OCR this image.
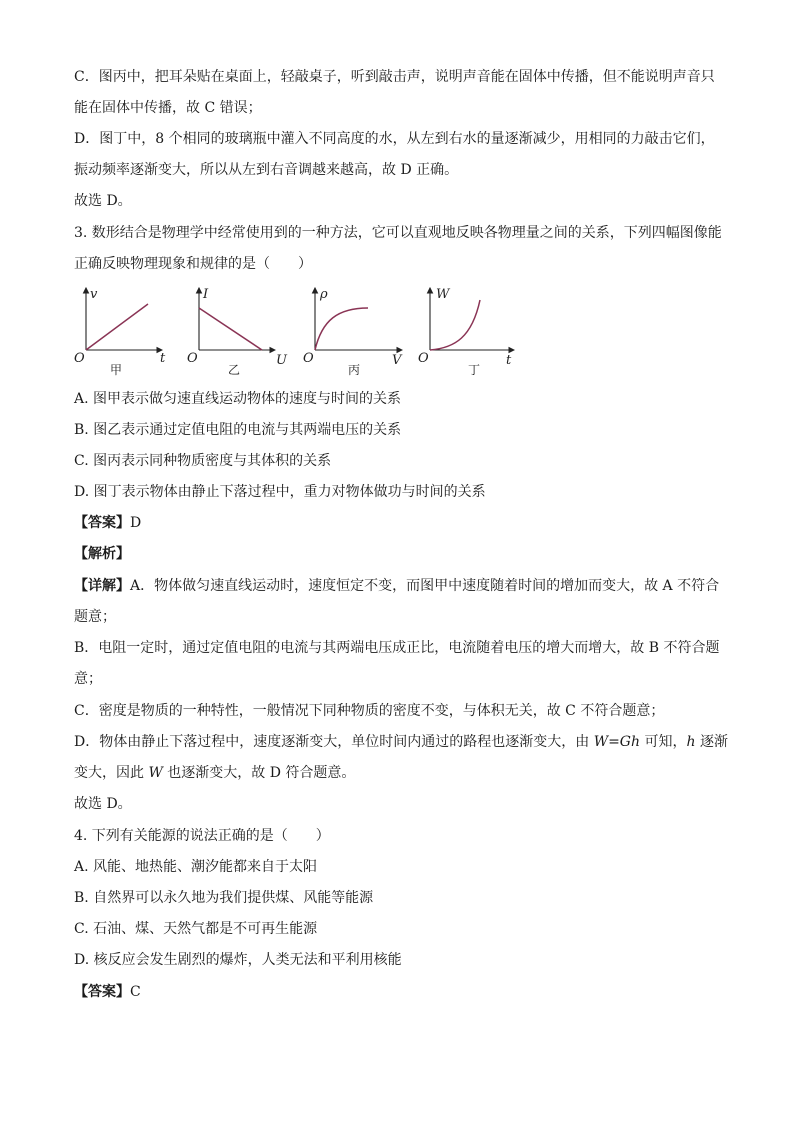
C．图丙中，把耳朵贴在桌面上，轻敲桌子，听到敲击声，说明声音能在固体中传播，但不能说明声音只
能在固体中传播，故 C 错误；
D．图丁中，8 个相同的玻璃瓶中灌入不同高度的水，从左到右水的量逐渐减少，用相同的力敲击它们，
振动频率逐渐变大，所以从左到右音调越来越高，故 D 正确。
故选 D。
3. 数形结合是物理学中经常使用到的一种方法，它可以直观地反映各物理量之间的关系，下列四幅图像能
正确反映物理现象和规律的是（　　）
v
O	t
甲
I
O	U
乙
ρ
O	V
丙
W
O	t
丁
A. 图甲表示做匀速直线运动物体的速度与时间的关系
B. 图乙表示通过定值电阻的电流与其两端电压的关系
C. 图丙表示同种物质密度与其体积的关系
D. 图丁表示物体由静止下落过程中，重力对物体做功与时间的关系
【答案】D
【解析】
【详解】A．物体做匀速直线运动时，速度恒定不变，而图甲中速度随着时间的增加而变大，故 A 不符合
题意；
B．电阻一定时，通过定值电阻的电流与其两端电压成正比，电流随着电压的增大而增大，故 B 不符合题
意；
C．密度是物质的一种特性，一般情况下同种物质的密度不变，与体积无关，故 C 不符合题意；
D．物体由静止下落过程中，速度逐渐变大，单位时间内通过的路程也逐渐变大，由 W=Gh 可知，h 逐渐
变大，因此 W 也逐渐变大，故 D 符合题意。
故选 D。
4. 下列有关能源的说法正确的是（　　）
A. 风能、地热能、潮汐能都来自于太阳
B. 自然界可以永久地为我们提供煤、风能等能源
C. 石油、煤、天然气都是不可再生能源
D. 核反应会发生剧烈的爆炸，人类无法和平利用核能
【答案】C
